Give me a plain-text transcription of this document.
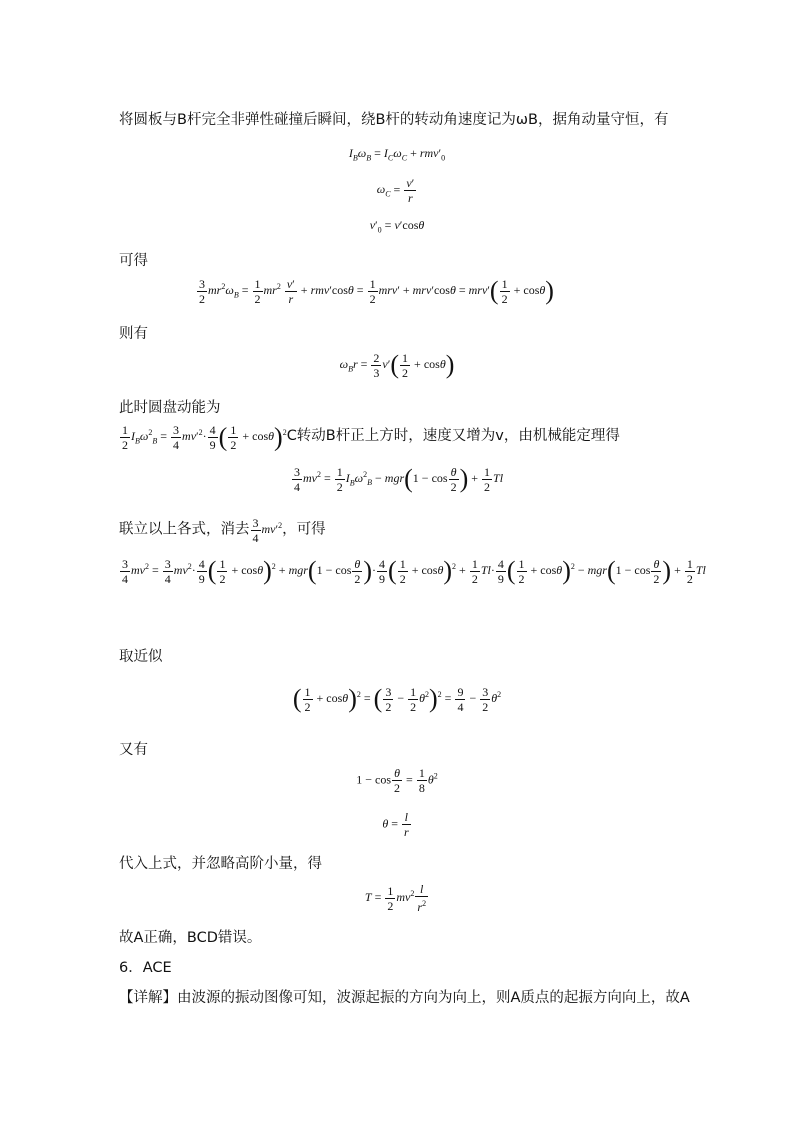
将圆板与B杆完全非弹性碰撞后瞬间，绕B杆的转动角速度记为ωB，据角动量守恒，有
$I_B\omega_B = I_C\omega_C + rmv'_0$
$\omega_C = \frac{v'}{r}$
$v'_0 = v'\cos\theta$
可得
$\frac{3}{2} mr^2\omega_B = \frac{1}{2} mr^2 \frac{v'}{r} + rmv'\cos\theta = \frac{1}{2} mrv' + mrv'\cos\theta = mrv'( \frac{1}{2} + \cos\theta)$
则有
$\omega_Br = \frac{2}{3} v'( \frac{1}{2} + \cos\theta)$
此时圆盘动能为
$\frac{1}{2} I_B\omega^2_B = \frac{3}{4} mv'^2\cdot \frac{4}{9}$ ( $\frac{1}{2} + \cos\theta)^2C$转动B杆正上方时，速度又增为v，由机械能定理得
$\frac{3}{4} mv^2 = \frac{1}{2} I_B\omega^2_B - mgr(1 - \cos \frac{\theta}{2}$ ) + $\frac{1}{2}$ Tl
联立以上各式，消去 $\frac{3}{4} mv'^2$，可得
$\frac{3}{4} mv^2 = \frac{3}{4} mv^2\cdot \frac{4}{9}$ ( $\frac{1}{2} + \cos\theta)^2 + mgr(1 - \cos \frac{\theta}{2}$ )· $\frac{4}{9}$ ( $\frac{1}{2} + \cos\theta)^2 + \frac{1}{2} Tl\cdot \frac{4}{9}$ ( $\frac{1}{2} + \cos\theta)^2 - mgr(1 - \cos \frac{\theta}{2}$ ) + $\frac{1}{2}$ Tl
取近似
( $\frac{1}{2} + \cos\theta)^2$ = ( $\frac{3}{2} - \frac{1}{2} \theta^2)^2 = \frac{9}{4} - \frac{3}{2} \theta^2$
又有
$1 - \cos \frac{\theta}{2} = \frac{1}{8} \theta^2$
$\theta = \frac{l}{r}$
代入上式，并忽略高阶小量，得
$T = \frac{1}{2} mv^2 \frac{l}{r^2}$
故A正确，BCD错误。
6．ACE
【详解】由波源的振动图像可知，波源起振的方向为向上，则A质点的起振方向向上，故A
